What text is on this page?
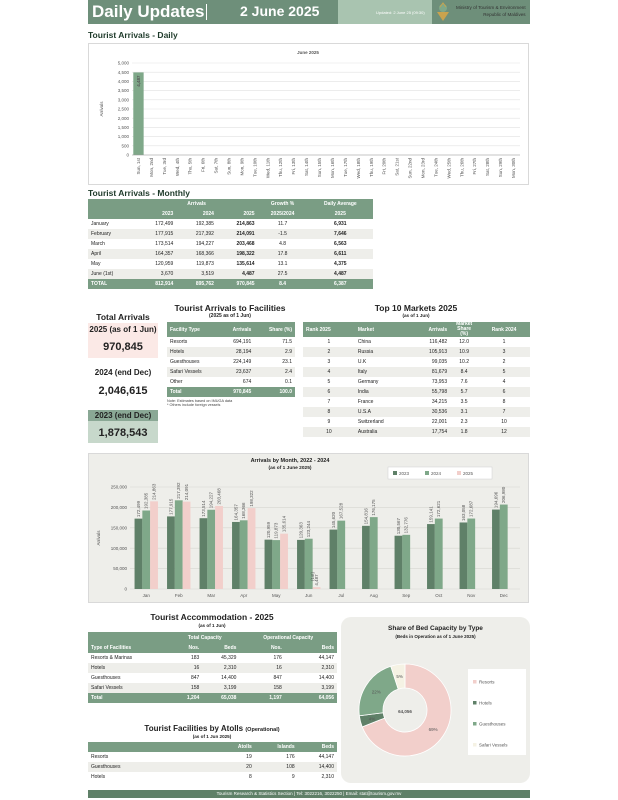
Daily Updates	2 June 2025	Updated: 2 June 25 (09:30)
Ministry of Tourism & Environment
Republic of Maldives
Tourist Arrivals - Daily
June 2025
0
500
1,000
1,500
2,000
2,500
3,000
3,500
4,000
4,500
5,000
Arrivals
Sun, 1st
4,487
Mon, 2nd Tue, 3rd Wed, 4th Thu, 5th Fri, 6th Sat, 7th Sun, 8th Mon, 9th Tue, 10th Wed, 11th Thu, 12th Fri, 13th Sat, 14th Sun, 15th Mon, 16th Tue, 17th Wed, 18th Thu, 19th Fri, 20th Sat, 21st Sun, 22nd Mon, 23rd Tue, 24th Wed, 25th Thu, 26th Fri, 27th Sat, 28th Sun, 29th Mon, 30th
Tourist Arrivals - Monthly
	Arrivals			Growth %	Daily Average
	2023	2024	2025	2025/2024	2025
January	172,499	192,385	214,863	11.7	6,931
February	177,915	217,392	214,091	-1.5	7,646
March	173,514	194,227	203,468	4.8	6,563
April	164,357	168,366	198,322	17.8	6,611
May	120,959	119,873	135,614	13.1	4,375
June (1st)	3,670	3,519	4,487	27.5	4,487
TOTAL	812,914	895,762	970,845	8.4	6,387
Total Arrivals
2025 (as of 1 Jun)
970,845
2024 (end Dec)
2,046,615
2023 (end Dec)
1,878,543
Tourist Arrivals to Facilities
(2025 as of 1 Jun)
Facility Type	Arrivals	Share (%)
Resorts	694,191	71.5
Hotels	28,194	2.9
Guesthouses	224,149	23.1
Safari Vessels	23,637	2.4
Other	674	0.1
Total	970,845	100.0
Note: Estimates based on IMUGA data
* Others include foreign vessels
Top 10 Markets 2025
(as of 1 Jun)
Rank 2025	Market	Arrivals	Market Share (%)	Rank 2024
1	China	116,482	12.0	1
2	Russia	105,913	10.9	3
3	U.K	99,035	10.2	2
4	Italy	81,679	8.4	5
5	Germany	73,953	7.6	4
6	India	55,798	5.7	6
7	France	34,215	3.5	8
8	U.S.A	30,536	3.1	7
9	Switzerland	22,001	2.3	10
10	Australia	17,754	1.8	12
Arrivals by Month, 2022 - 2024
(as of 1 June 2025)
0
50,000
100,000
150,000
200,000
250,000
Arrivals
Jan
172,499 192,385
214,863
Feb
177,915
217,392 214,091
Mar
173,514
194,227 203,468
Apr
164,357 168,366
198,322
May
120,959 119,873 135,614
Jun
120,363 123,244
4,487
Jul
145,620
167,528
Aug
154,816
176,175
Sep
130,567 132,776
Oct
159,141 172,621
Nov
163,058 172,687
Dec
194,696 206,980
(1st)
2023	2024	2025
Tourist Accommodation - 2025
(as of 1 Jun)
	Total Capacity		Operational Capacity	
Type of Facilities	Nos.	Beds	Nos.	Beds
Resorts & Marinas	183	45,329	176	44,147
Hotels	16	2,310	16	2,310
Guesthouses	847	14,400	847	14,400
Safari Vessels	158	3,199	158	3,199
Total	1,204	65,038	1,197	64,056
Tourist Facilities by Atolls (Operational)
(as of 1 Jun 2025)
	Atolls	Islands	Beds
Resorts	19	176	44,147
Guesthouses	20	108	14,400
Hotels	8	9	2,310
Share of Bed Capacity by Type
(Beds in Operation as of 1 June 2025)
69%
4%
22%
5%
64,056
Resorts
Hotels
Guesthouses
Safari Vessels
Tourism Research & Statistics Section | Tel: 3022216, 3022250 | Email: stat@tourism.gov.mv
